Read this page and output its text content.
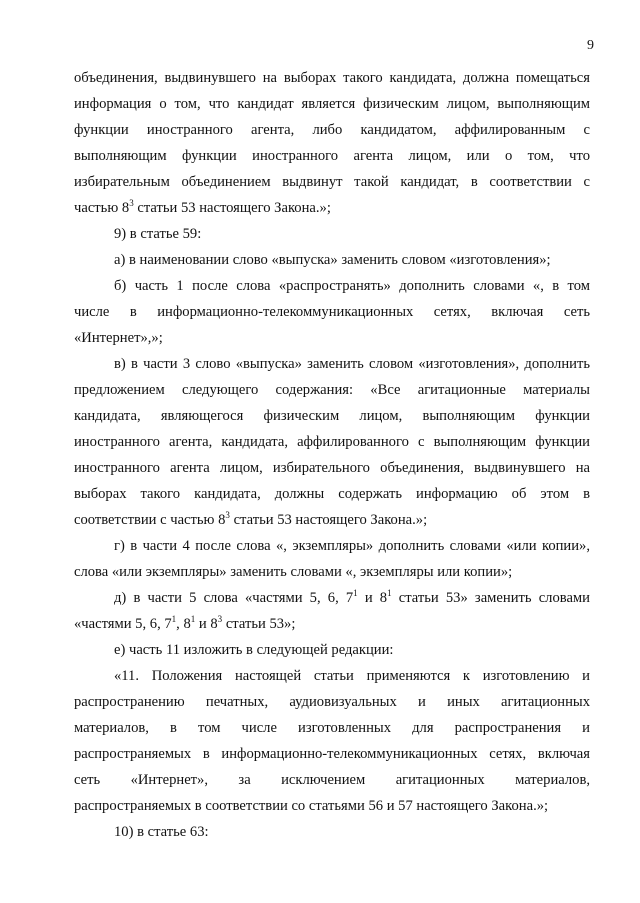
9
объединения, выдвинувшего на выборах такого кандидата, должна помещаться
информация о том, что кандидат является физическим лицом, выполняющим
функции иностранного агента, либо кандидатом, аффилированным с
выполняющим функции иностранного агента лицом, или о том, что
избирательным объединением выдвинут такой кандидат, в соответствии с
частью $8^3$ статьи 53 настоящего Закона.»;
9) в статье 59:
а) в наименовании слово «выпуска» заменить словом «изготовления»;
б) часть 1 после слова «распространять» дополнить словами «, в том
числе в информационно-телекоммуникационных сетях, включая сеть
«Интернет»,»;
в) в части 3 слово «выпуска» заменить словом «изготовления», дополнить
предложением следующего содержания: «Все агитационные материалы
кандидата, являющегося физическим лицом, выполняющим функции
иностранного агента, кандидата, аффилированного с выполняющим функции
иностранного агента лицом, избирательного объединения, выдвинувшего на
выборах такого кандидата, должны содержать информацию об этом в
соответствии с частью $8^3$ статьи 53 настоящего Закона.»;
г) в части 4 после слова «, экземпляры» дополнить словами «или копии»,
слова «или экземпляры» заменить словами «, экземпляры или копии»;
д) в части 5 слова «частями 5, 6, $7^1$ и $8^1$ статьи 53» заменить словами
«частями 5, 6, $7^1$, $8^1$ и $8^3$ статьи 53»;
е) часть 11 изложить в следующей редакции:
«11. Положения настоящей статьи применяются к изготовлению и
распространению печатных, аудиовизуальных и иных агитационных
материалов, в том числе изготовленных для распространения и
распространяемых в информационно-телекоммуникационных сетях, включая
сеть «Интернет», за исключением агитационных материалов,
распространяемых в соответствии со статьями 56 и 57 настоящего Закона.»;
10) в статье 63:
